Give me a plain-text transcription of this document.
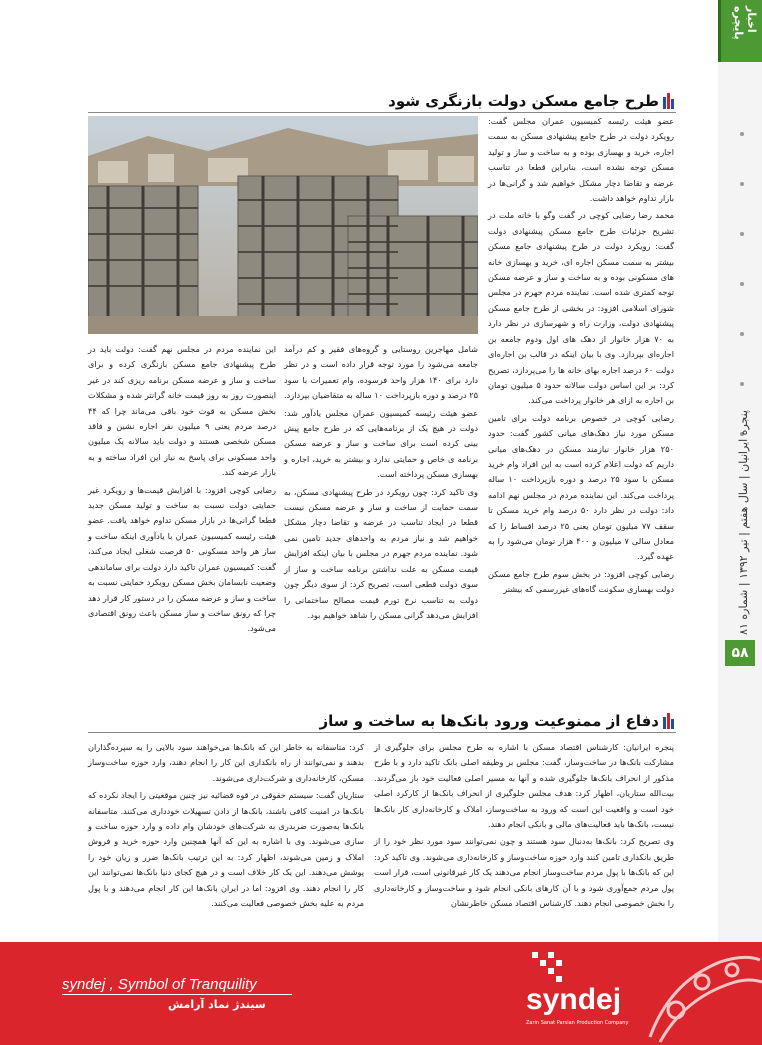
اخبار پایچره
پنجره ایرانیان | سال هفتم | تیر ۱۳۹۲ | شماره ۸۱
۵۸
طرح جامع مسکن دولت بازنگری شود

عضو هیئت رئیسه کمیسیون عمران مجلس گفت: رویکرد دولت در طرح جامع پیشنهادی مسکن به سمت اجاره، خرید و بهسازی بوده و به ساخت و ساز و تولید مسکن توجه نشده است، بنابراین قطعا در تناسب عرضه و تقاضا دچار مشکل خواهیم شد و گرانی‌ها در بازار تداوم خواهد داشت.

محمد رضا رضایی کوچی در گفت وگو با خانه ملت در تشریح جزئیات طرح جامع مسکن پیشنهادی دولت گفت: رویکرد دولت در طرح پیشنهادی جامع مسکن بیشتر به سمت مسکن اجاره ای، خرید و بهسازی خانه های مسکونی بوده و به ساخت و ساز و عرضه مسکن توجه کمتری شده است. نماینده مردم جهرم در مجلس شورای اسلامی افزود: در بخشی از طرح جامع مسکن پیشنهادی دولت، وزارت راه و شهرسازی در نظر دارد به ۷۰ هزار خانوار از دهک های اول ودوم جامعه بن اجاره‌ای بپردازد. وی با بیان اینکه در قالب بن اجاره‌ای دولت ۶۰ درصد اجاره بهای خانه ها را می‌پردازد، تصریح کرد: بر این اساس دولت سالانه حدود ۵ میلیون تومان بن اجاره به ازای هر خانوار پرداخت می‌کند.

رضایی کوچی در خصوص برنامه دولت برای تامین مسکن مورد نیاز دهک‌های میانی کشور گفت: حدود ۲۵۰ هزار خانوار نیازمند مسکن در دهک‌های میانی داریم که دولت اعلام کرده است به این افراد وام خرید مسکن با سود ۲۵ درصد و دوره بازپرداخت ۱۰ ساله پرداخت می‌کند. این نماینده مردم در مجلس نهم ادامه داد: دولت در نظر دارد ۵۰ درصد وام خرید مسکن تا سقف ۷۷ میلیون تومان یعنی ۲۵ درصد اقساط را که معادل سالی ۷ میلیون و ۴۰۰ هزار تومان می‌شود را به عهده گیرد.

رضایی کوچی افزود: در بخش سوم طرح جامع مسکن دولت بهسازی سکونت گاه‌های غیررسمی که بیشتر

شامل مهاجرین روستایی و گروه‌های فقیر و کم درآمد جامعه می‌شود را مورد توجه قرار داده است و در نظر دارد برای ۱۴۰ هزار واحد فرسوده، وام تعمیرات با سود ۲۵ درصد و دوره بازپرداخت ۱۰ ساله به متقاضیان بپردازد.

عضو هیئت رئیسه کمیسیون عمران مجلس یادآور شد: دولت در هیچ یک از برنامه‌هایی که در طرح جامع پیش بینی کرده است برای ساخت و ساز و عرضه مسکن برنامه ی خاص و حمایتی ندارد و بیشتر به خرید، اجاره و بهسازی مسکن پرداخته است.

وی تاکید کرد: چون رویکرد در طرح پیشنهادی مسکن، به سمت حمایت از ساخت و ساز و عرضه مسکن نیست قطعا در ایجاد تناسب در عرضه و تقاضا دچار مشکل خواهیم شد و نیاز مردم به واحدهای جدید تامین نمی شود. نماینده مردم جهرم در مجلس با بیان اینکه افزایش قیمت مسکن به علت نداشتن برنامه ساخت و ساز از سوی دولت قطعی است، تصریح کرد: از سوی دیگر چون دولت به تناسب نرخ تورم قیمت مصالح ساختمانی را افزایش می‌دهد گرانی مسکن را شاهد خواهیم بود.

این نماینده مردم در مجلس نهم گفت: دولت باید در طرح پیشنهادی جامع مسکن بازنگری کرده و برای ساخت و ساز و عرضه مسکن برنامه ریزی کند در غیر اینصورت روز به روز قیمت خانه گرانتر شده و مشکلات بخش مسکن به قوت خود باقی می‌ماند چرا که ۴۴ درصد مردم یعنی ۹ میلیون نفر اجاره نشین و فاقد مسکن شخصی هستند و دولت باید سالانه یک میلیون واحد مسکونی برای پاسخ به نیاز این افراد ساخته و به بازار عرضه کند.

رضایی کوچی افزود: با افزایش قیمت‌ها و رویکرد غیر حمایتی دولت نسبت به ساخت و تولید مسکن جدید قطعا گرانی‌ها در بازار مسکن تداوم خواهد یافت. عضو هیئت رئیسه کمیسیون عمران با یادآوری اینکه ساخت و ساز هر واحد مسکونی ۵۰ فرصت شغلی ایجاد می‌کند، گفت: کمیسیون عمران تاکید دارد دولت برای ساماندهی وضعیت نابسامان بخش مسکن رویکرد حمایتی نسبت به ساخت و ساز و عرضه مسکن را در دستور کار قرار دهد چرا که رونق ساخت و ساز مسکن باعث رونق اقتصادی می‌شود.

دفاع از ممنوعیت ورود بانک‌ها به ساخت و ساز

پنجره ایرانیان: کارشناس اقتصاد مسکن با اشاره به طرح مجلس برای جلوگیری از مشارکت بانک‌ها در ساخت‌وساز، گفت: مجلس بر وظیفه اصلی بانک تاکید دارد و با طرح مذکور از انحراف بانک‌ها جلوگیری شده و آنها به مسیر اصلی فعالیت خود باز می‌گردند. بیت‌الله ستاریان، اظهار کرد: هدف مجلس جلوگیری از انحراف بانک‌ها از کارکرد اصلی خود است و واقعیت این است که ورود به ساخت‌وساز، املاک و کارخانه‌داری کار بانک‌ها نیست، بانک‌ها باید فعالیت‌های مالی و بانکی انجام دهند.

وی تصریح کرد: بانک‌ها به‌دنبال سود هستند و چون نمی‌توانند سود مورد نظر خود را از طریق بانکداری تامین کنند وارد حوزه ساخت‌وساز و کارخانه‌داری می‌شوند. وی تاکید کرد: این که بانک‌ها با پول مردم ساخت‌وساز انجام می‌دهند یک کار غیرقانونی است، قرار است پول مردم جمع‌آوری شود و با آن کارهای بانکی انجام شود و ساخت‌وساز و کارخانه‌داری را بخش خصوصی انجام دهند. کارشناس اقتصاد مسکن خاطرنشان

کرد: متاسفانه به خاطر این که بانک‌ها می‌خواهند سود بالایی را به سپرده‌گذاران بدهند و نمی‌توانند از راه بانکداری این کار را انجام دهند، وارد حوزه ساخت‌وساز مسکن، کارخانه‌داری و شرکت‌داری می‌شوند.

ستاریان گفت: سیستم حقوقی در قوه قضائیه نیز چنین موقعیتی را ایجاد نکرده که بانک‌ها در امنیت کافی باشند، بانک‌ها از دادن تسهیلات خودداری می‌کنند. متاسفانه بانک‌ها به‌صورت ضربدری به شرکت‌های خودشان وام داده و وارد حوزه ساخت و سازی می‌شوند. وی با اشاره به این که آنها همچنین وارد حوزه خرید و فروش املاک و زمین می‌شوند، اظهار کرد: به این ترتیب بانک‌ها ضرر و زیان خود را پوشش می‌دهند. این یک کار خلاف است و در هیچ کجای دنیا بانک‌ها نمی‌توانند این کار را انجام دهند. وی افزود: اما در ایران بانک‌ها این کار انجام می‌دهند و با پول مردم به علیه بخش خصوصی فعالیت می‌کنند.

syndej , Symbol of Tranquility
سیندژ نماد آرامش	syndej
Zarin Sanat Parsian Production Company
